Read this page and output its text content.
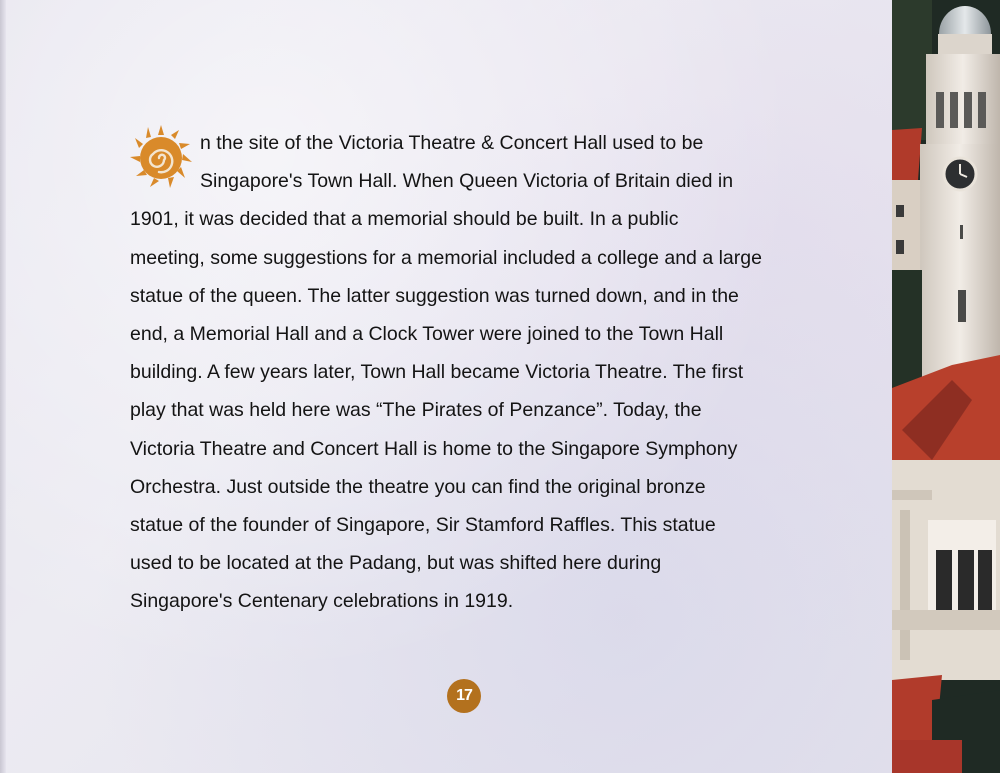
n the site of the Victoria Theatre & Concert Hall used to be
Singapore's Town Hall. When Queen Victoria of Britain died in
1901, it was decided that a memorial should be built. In a public
meeting, some suggestions for a memorial included a college and a large
statue of the queen. The latter suggestion was turned down, and in the
end, a Memorial Hall and a Clock Tower were joined to the Town Hall
building. A few years later, Town Hall became Victoria Theatre. The first
play that was held here was “The Pirates of Penzance”. Today, the
Victoria Theatre and Concert Hall is home to the Singapore Symphony
Orchestra. Just outside the theatre you can find the original bronze
statue of the founder of Singapore, Sir Stamford Raffles. This statue
used to be located at the Padang, but was shifted here during
Singapore's Centenary celebrations in 1919.
17
